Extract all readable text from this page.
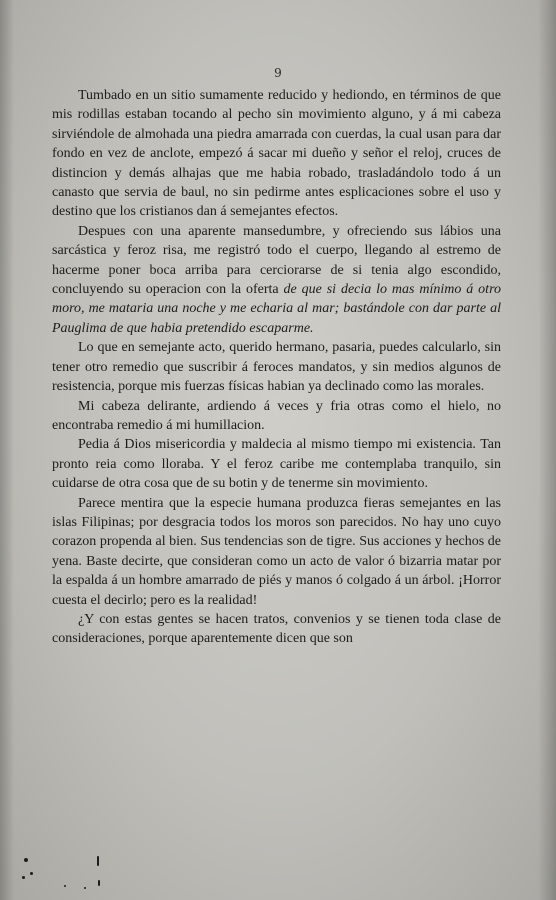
9

Tumbado en un sitio sumamente reducido y hediondo, en términos de que mis rodillas estaban tocando al pecho sin movimiento alguno, y á mi cabeza sirviéndole de almohada una piedra amarrada con cuerdas, la cual usan para dar fondo en vez de anclote, empezó á sacar mi dueño y señor el reloj, cruces de distincion y demás alhajas que me habia robado, trasladándolo todo á un canasto que servia de baul, no sin pedirme antes esplicaciones sobre el uso y destino que los cristianos dan á semejantes efectos.

Despues con una aparente mansedumbre, y ofreciendo sus lábios una sarcástica y feroz risa, me registró todo el cuerpo, llegando al estremo de hacerme poner boca arriba para cerciorarse de si tenia algo escondido, concluyendo su operacion con la oferta de que si decia lo mas mínimo á otro moro, me mataria una noche y me echaria al mar; bastándole con dar parte al Pauglima de que habia pretendido escaparme.

Lo que en semejante acto, querido hermano, pasaria, puedes calcularlo, sin tener otro remedio que suscribir á feroces mandatos, y sin medios algunos de resistencia, porque mis fuerzas físicas habian ya declinado como las morales.

Mi cabeza delirante, ardiendo á veces y fria otras como el hielo, no encontraba remedio á mi humillacion.

Pedia á Dios misericordia y maldecia al mismo tiempo mi existencia. Tan pronto reia como lloraba. Y el feroz caribe me contemplaba tranquilo, sin cuidarse de otra cosa que de su botin y de tenerme sin movimiento.

Parece mentira que la especie humana produzca fieras semejantes en las islas Filipinas; por desgracia todos los moros son parecidos. No hay uno cuyo corazon propenda al bien. Sus tendencias son de tigre. Sus acciones y hechos de yena. Baste decirte, que consideran como un acto de valor ó bizarria matar por la espalda á un hombre amarrado de piés y manos ó colgado á un árbol. ¡Horror cuesta el decirlo; pero es la realidad!

¿Y con estas gentes se hacen tratos, convenios y se tienen toda clase de consideraciones, porque aparentemente dicen que son
